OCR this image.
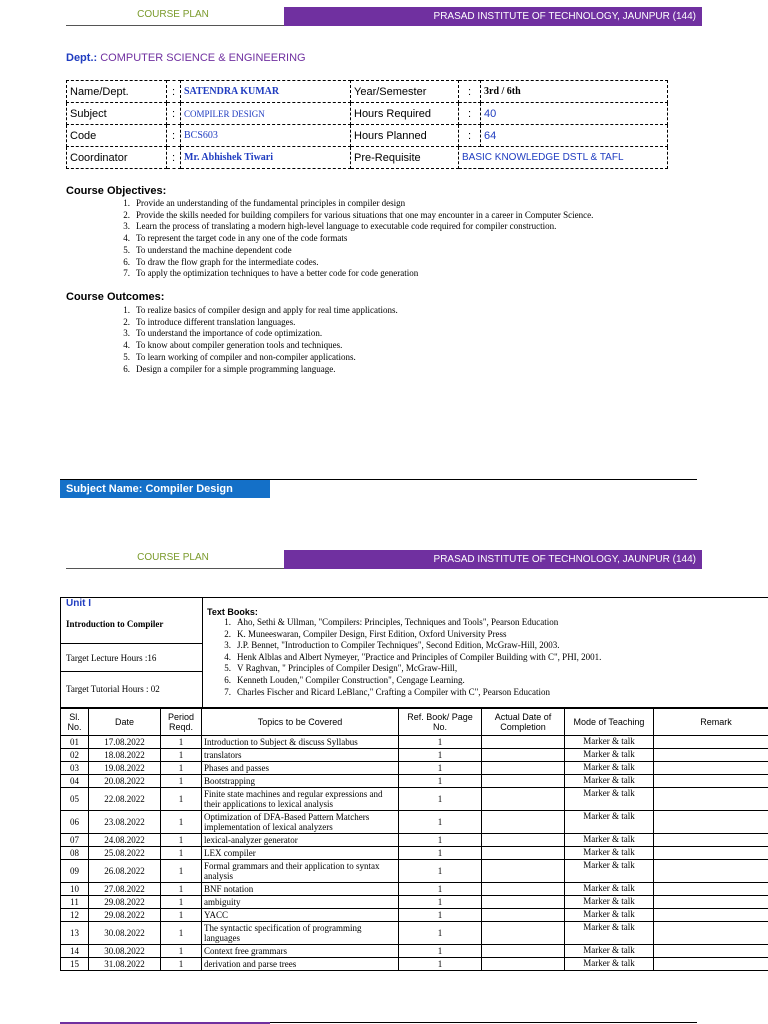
COURSE PLAN	PRASAD INSTITUTE OF TECHNOLOGY, JAUNPUR (144)
Dept.: COMPUTER SCIENCE & ENGINEERING
Name/Dept.	:	SATENDRA KUMAR	Year/Semester	:	3rd / 6th
Subject	:	COMPILER DESIGN	Hours Required	:	40
Code	:	BCS603	Hours Planned	:	64
Coordinator	:	Mr. Abhishek Tiwari	Pre-Requisite	BASIC KNOWLEDGE DSTL & TAFL	
Course Objectives:
1. Provide an understanding of the fundamental principles in compiler design
2. Provide the skills needed for building compilers for various situations that one may encounter in a career in Computer Science.
3. Learn the process of translating a modern high-level language to executable code required for compiler construction.
4. To represent the target code in any one of the code formats
5. To understand the machine dependent code
6. To draw the flow graph for the intermediate codes.
7. To apply the optimization techniques to have a better code for code generation
Course Outcomes:
1. To realize basics of compiler design and apply for real time applications.
2. To introduce different translation languages.
3. To understand the importance of code optimization.
4. To know about compiler generation tools and techniques.
5. To learn working of compiler and non-compiler applications.
6. Design a compiler for a simple programming language.
Subject Name: Compiler Design
COURSE PLAN	PRASAD INSTITUTE OF TECHNOLOGY, JAUNPUR (144)
Unit I
Introduction to Compiler
Target Lecture Hours :16
Target Tutorial Hours : 02
Text Books:
1. Aho, Sethi & Ullman, "Compilers: Principles, Techniques and Tools", Pearson Education
2. K. Muneeswaran, Compiler Design, First Edition, Oxford University Press
3. J.P. Bennet, "Introduction to Compiler Techniques", Second Edition, McGraw-Hill, 2003.
4. Henk Alblas and Albert Nymeyer, "Practice and Principles of Compiler Building with C", PHI, 2001.
5. V Raghvan, " Principles of Compiler Design", McGraw-Hill,
6. Kenneth Louden," Compiler Construction", Cengage Learning.
7. Charles Fischer and Ricard LeBlanc," Crafting a Compiler with C", Pearson Education
Sl. No.	Date	Period Reqd.	Topics to be Covered	Ref. Book/ Page No.	Actual Date of Completion	Mode of Teaching	Remark
01	17.08.2022	1	Introduction to Subject & discuss Syllabus	1		Marker & talk	
02	18.08.2022	1	translators	1		Marker & talk	
03	19.08.2022	1	Phases and passes	1		Marker & talk	
04	20.08.2022	1	Bootstrapping	1		Marker & talk	
05	22.08.2022	1	Finite state machines and regular expressions and their applications to lexical analysis	1		Marker & talk	
06	23.08.2022	1	Optimization of DFA-Based Pattern Matchers implementation of lexical analyzers	1		Marker & talk	
07	24.08.2022	1	lexical-analyzer generator	1		Marker & talk	
08	25.08.2022	1	LEX compiler	1		Marker & talk	
09	26.08.2022	1	Formal grammars and their application to syntax analysis	1		Marker & talk	
10	27.08.2022	1	BNF notation	1		Marker & talk	
11	29.08.2022	1	ambiguity	1		Marker & talk	
12	29.08.2022	1	YACC	1		Marker & talk	
13	30.08.2022	1	The syntactic specification of programming languages	1		Marker & talk	
14	30.08.2022	1	Context free grammars	1		Marker & talk	
15	31.08.2022	1	derivation and parse trees	1		Marker & talk	
